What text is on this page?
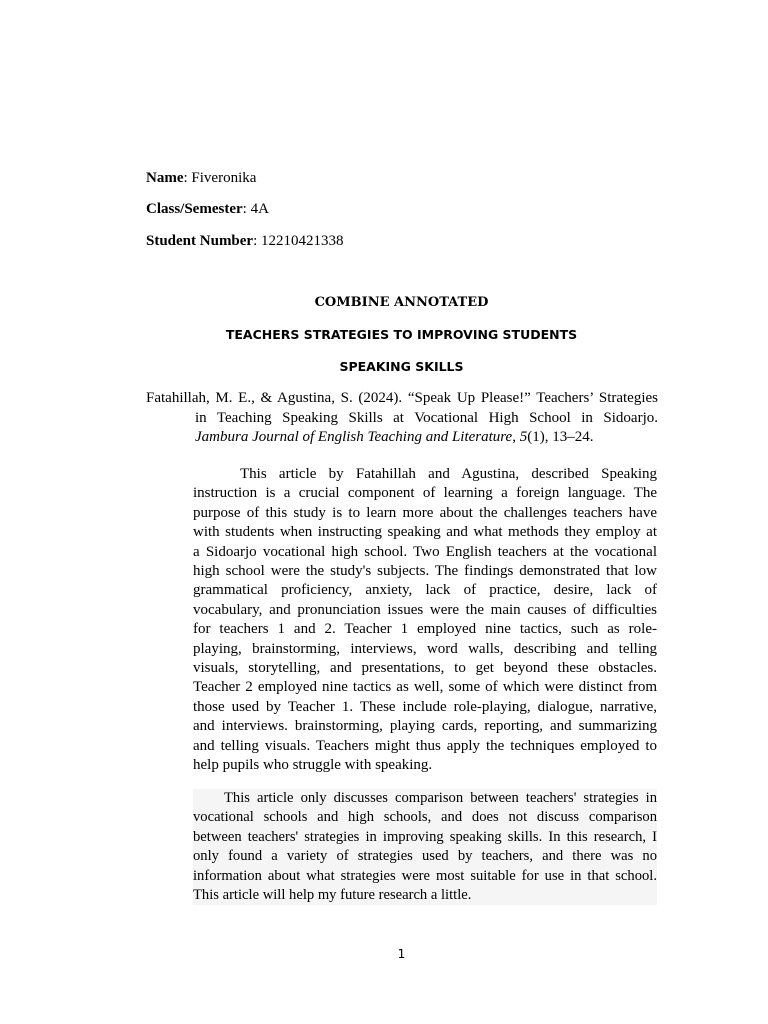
Name: Fiveronika
Class/Semester: 4A
Student Number: 12210421338
COMBINE ANNOTATED
TEACHERS STRATEGIES TO IMPROVING STUDENTS
SPEAKING SKILLS
Fatahillah, M. E., & Agustina, S. (2024). “Speak Up Please!” Teachers’ Strategies
in Teaching Speaking Skills at Vocational High School in Sidoarjo.
Jambura Journal of English Teaching and Literature, 5(1), 13–24.
This article by Fatahillah and Agustina, described Speaking
instruction is a crucial component of learning a foreign language. The
purpose of this study is to learn more about the challenges teachers have
with students when instructing speaking and what methods they employ at
a Sidoarjo vocational high school. Two English teachers at the vocational
high school were the study's subjects. The findings demonstrated that low
grammatical proficiency, anxiety, lack of practice, desire, lack of
vocabulary, and pronunciation issues were the main causes of difficulties
for teachers 1 and 2. Teacher 1 employed nine tactics, such as role-
playing, brainstorming, interviews, word walls, describing and telling
visuals, storytelling, and presentations, to get beyond these obstacles.
Teacher 2 employed nine tactics as well, some of which were distinct from
those used by Teacher 1. These include role-playing, dialogue, narrative,
and interviews. brainstorming, playing cards, reporting, and summarizing
and telling visuals. Teachers might thus apply the techniques employed to
help pupils who struggle with speaking.
This article only discusses comparison between teachers' strategies in
vocational schools and high schools, and does not discuss comparison
between teachers' strategies in improving speaking skills. In this research, I
only found a variety of strategies used by teachers, and there was no
information about what strategies were most suitable for use in that school.
This article will help my future research a little.
1
